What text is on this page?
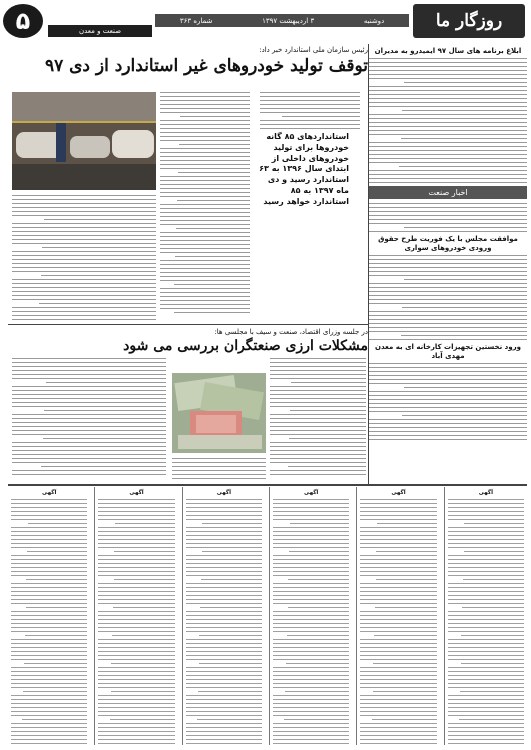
روزگار ما
دوشنبه
۳ اردیبهشت ۱۳۹۷
شماره ۳۶۳
صنعت و معدن
۵
ابلاغ برنامه های سال ۹۷ ایمیدرو به مدیران
اخبار صنعت
موافقت مجلس با یک فوریت طرح حقوق ورودی خودروهای سواری
ورود نخستین تجهیزات کارخانه ای به معدن مهدی آباد
رئیس سازمان ملی استاندارد خبر داد:
توقف تولید خودروهای غیر استاندارد از دی ۹۷
استانداردهای ۸۵ گانه خودروها برای تولید خودروهای داخلی از ابتدای سال ۱۳۹۶ به ۶۳ استاندارد رسید و دی ماه ۱۳۹۷ به ۸۵ استاندارد خواهد رسید
در جلسه وزرای اقتصاد، صنعت و سیف با مجلسی ها:
مشکلات ارزی صنعتگران بررسی می شود
آگهی
آگهی
آگهی
آگهی
آگهی
آگهی
